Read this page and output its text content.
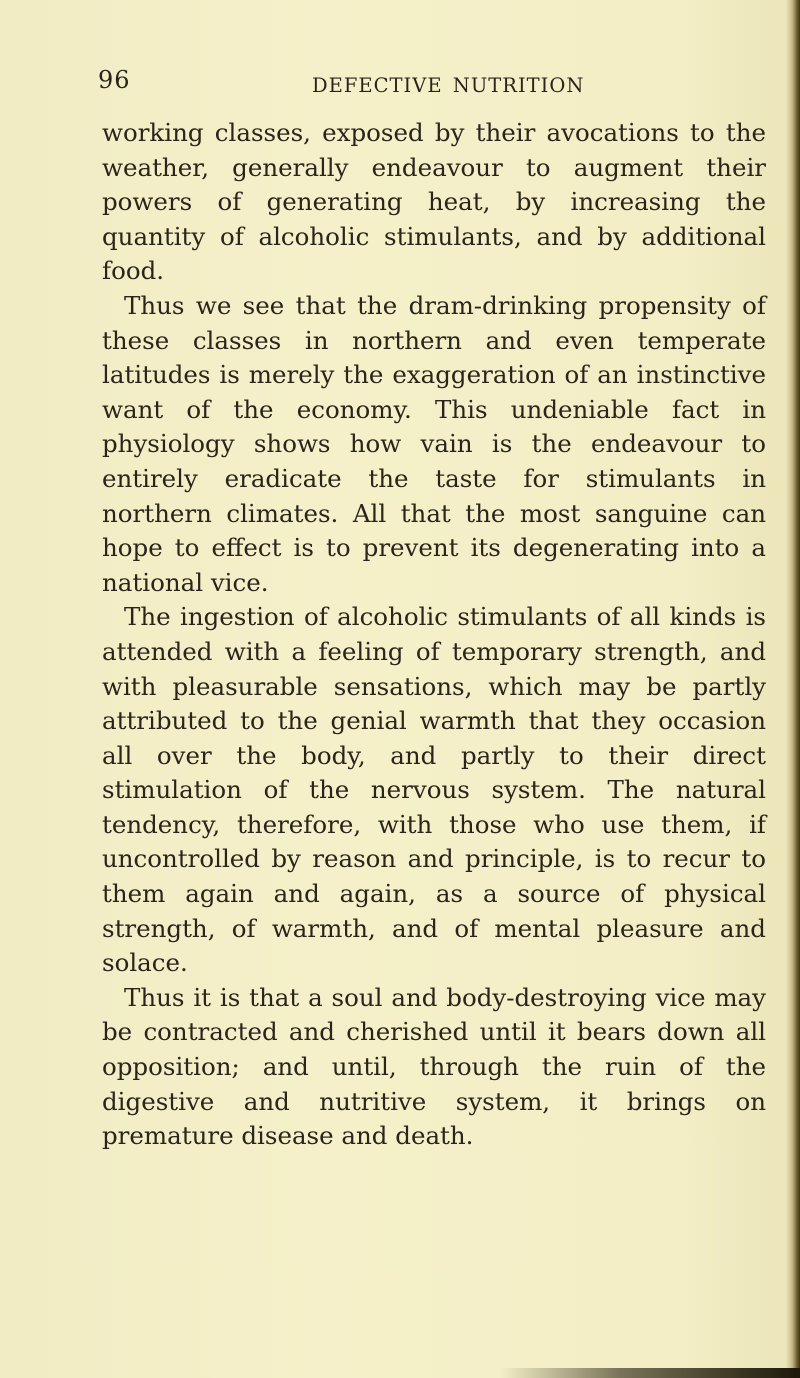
96	DEFECTIVE NUTRITION

working classes, exposed by their avocations to the weather, generally endeavour to augment their powers of generating heat, by increasing the quantity of alcoholic stimulants, and by additional food.

Thus we see that the dram-drinking propensity of these classes in northern and even temperate latitudes is merely the exaggeration of an instinctive want of the economy. This undeniable fact in physiology shows how vain is the endeavour to entirely eradicate the taste for stimulants in northern climates. All that the most sanguine can hope to effect is to prevent its degenerating into a national vice.

The ingestion of alcoholic stimulants of all kinds is attended with a feeling of temporary strength, and with pleasurable sensations, which may be partly attributed to the genial warmth that they occasion all over the body, and partly to their direct stimulation of the nervous system. The natural tendency, therefore, with those who use them, if uncontrolled by reason and principle, is to recur to them again and again, as a source of physical strength, of warmth, and of mental pleasure and solace.

Thus it is that a soul and body-destroying vice may be contracted and cherished until it bears down all opposition; and until, through the ruin of the digestive and nutritive system, it brings on premature disease and death.
